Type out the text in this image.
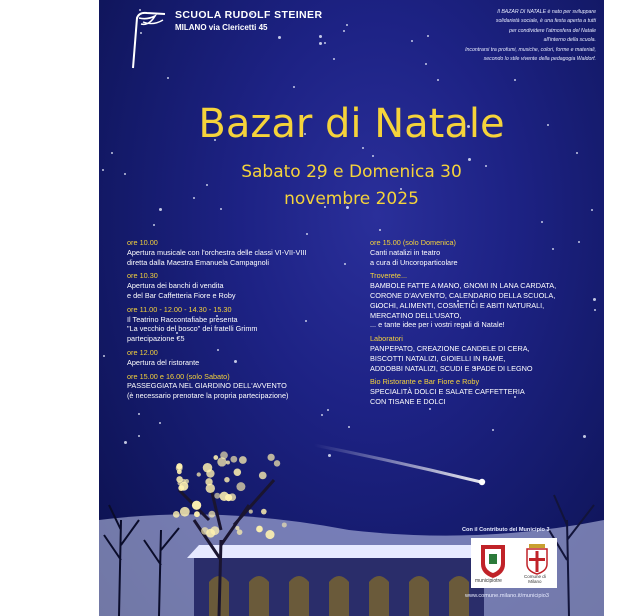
SCUOLA RUDOLF STEINER
MILANO via Clericetti 45
Il BAZAR DI NATALE è nato per sviluppare
solidarietà sociale, è una festa aperta a tutti
per condividere l'atmosfera del Natale
all'interno della scuola.
Incontrarsi tra profumi, musiche, colori, forme e materiali,
secondo lo stile vivente della pedagogia Waldorf.
Bazar di Natale
Sabato 29 e Domenica 30
novembre 2025
ore 10.00
Apertura musicale con l'orchestra delle classi VI-VII-VIII
diretta dalla Maestra Emanuela Campagnoli
ore 10.30
Apertura dei banchi di vendita
e del Bar Caffetteria Fiore e Roby
ore 11.00 - 12.00 - 14.30 - 15.30
Il Teatrino Raccontafiabe presenta
"La vecchio del bosco" dei fratelli Grimm
partecipazione €5
ore 12.00
Apertura del ristorante
ore 15.00 e 16.00 (solo Sabato)
PASSEGGIATA NEL GIARDINO DELL'AVVENTO
(è necessario prenotare la propria partecipazione)
ore 15.00 (solo Domenica)
Canti natalizi in teatro
a cura di Uncoroparticolare
Troverete...
BAMBOLE FATTE A MANO, GNOMI IN LANA CARDATA,
CORONE D'AVVENTO, CALENDARIO DELLA SCUOLA,
GIOCHI, ALIMENTI, COSMETICI E ABITI NATURALI,
MERCATINO DELL'USATO,
... e tante idee per i vostri regali di Natale!
Laboratori
PANPEPATO, CREAZIONE CANDELE DI CERA,
BISCOTTI NATALIZI, GIOIELLI IN RAME,
ADDOBBI NATALIZI, SCUDI E SPADE DI LEGNO
Bio Ristorante e Bar Fiore e Roby
SPECIALITÀ DOLCI E SALATE CAFFETTERIA
CON TISANE E DOLCI
Con il Contributo del Municipio 3
municipiotre
Comune di
Milano
www.comune.milano.it/municipio3
